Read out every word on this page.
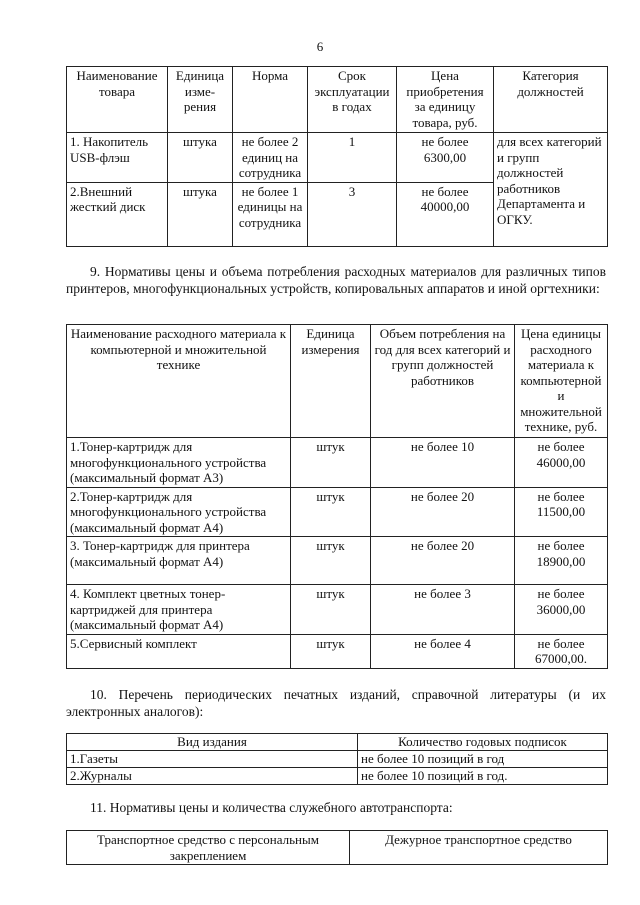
6
Наименование товара	Единица изме-рения	Норма	Срок эксплуатации в годах	Цена приобретения за единицу товара, руб.	Категория должностей
1. Накопитель USB-флэш	штука	не более 2 единиц на сотрудника	1	не более 6300,00	для всех категорий и групп должностей работников Департамента и ОГКУ.
2.Внешний жесткий диск	штука	не более 1 единицы на сотрудника	3	не более 40000,00	
9. Нормативы цены и объема потребления расходных материалов для различных типов принтеров, многофункциональных устройств, копировальных аппаратов и иной оргтехники:
Наименование расходного материала к компьютерной и множительной технике	Единица измерения	Объем потребления на год для всех категорий и групп должностей работников	Цена единицы расходного материала к компьютерной и множительной технике, руб.
1.Тонер-картридж для многофункционального устройства (максимальный формат А3)	штук	не более 10	не более 46000,00
2.Тонер-картридж для многофункционального устройства (максимальный формат А4)	штук	не более 20	не более 11500,00
3. Тонер-картридж для принтера (максимальный формат А4)	штук	не более 20	не более 18900,00
4. Комплект цветных тонер-картриджей для принтера (максимальный формат А4)	штук	не более 3	не более 36000,00
5.Сервисный комплект	штук	не более 4	не более 67000,00.
10. Перечень периодических печатных изданий, справочной литературы (и их электронных аналогов):
Вид издания	Количество годовых подписок
1.Газеты	не более 10 позиций в год
2.Журналы	не более 10 позиций в год.
11. Нормативы цены и количества служебного автотранспорта:
Транспортное средство с персональным закреплением	Дежурное транспортное средство
